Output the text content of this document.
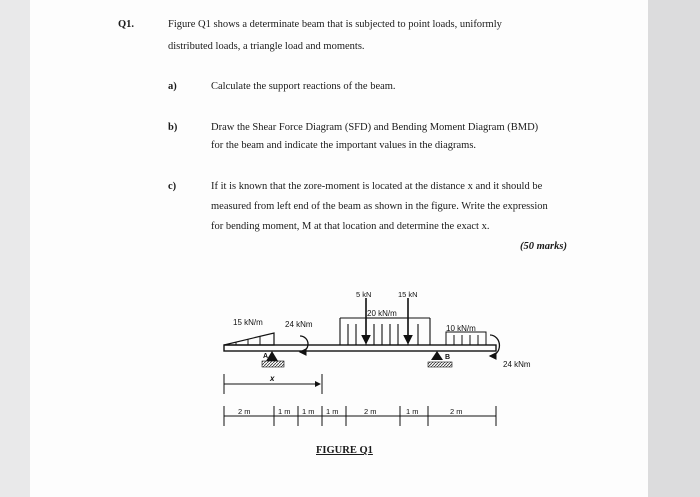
Q1.	Figure Q1 shows a determinate beam that is subjected to point loads, uniformly
distributed loads, a triangle load and moments.
a)	Calculate the support reactions of the beam.
b)	Draw the Shear Force Diagram (SFD) and Bending Moment Diagram (BMD)
for the beam and indicate the important values in the diagrams.
c)	If it is known that the zore-moment is located at the distance x and it should be
measured from left end of the beam as shown in the figure. Write the expression
for bending moment, M at that location and determine the exact x.
(50 marks)
15 kN/m	24 kNm
A	B
20 kN/m
5 kN	15 kN
10 kN/m
24 kNm
x
2 m	1 m 1 m 1 m	2 m	1 m	2 m
FIGURE Q1
